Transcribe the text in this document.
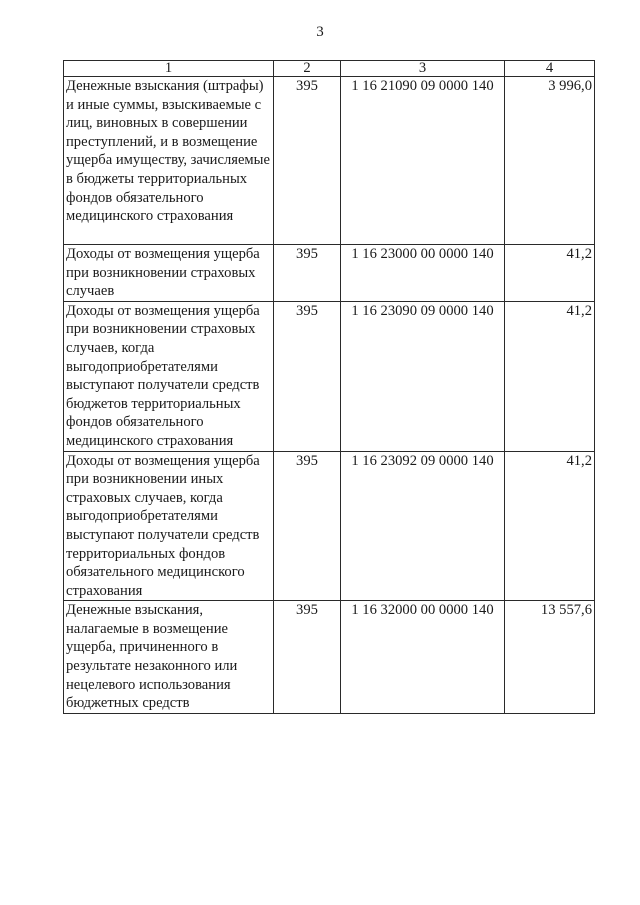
3
1	2	3	4
Денежные взыскания (штрафы) и иные суммы, взыскиваемые с лиц, виновных в совершении преступлений, и в возмещение ущерба имуществу, зачисляемые в бюджеты территориальных фондов обязательного медицинского страхования	395	1 16 21090 09 0000 140	3 996,0
Доходы от возмещения ущерба при возникновении страховых случаев	395	1 16 23000 00 0000 140	41,2
Доходы от возмещения ущерба при возникновении страховых случаев, когда выгодоприобретателями выступают получатели средств бюджетов территориальных фондов обязательного медицинского страхования	395	1 16 23090 09 0000 140	41,2
Доходы от возмещения ущерба при возникновении иных страховых случаев, когда выгодоприобретателями выступают получатели средств территориальных фондов обязательного медицинского страхования	395	1 16 23092 09 0000 140	41,2
Денежные взыскания, налагаемые в возмещение ущерба, причиненного в результате незаконного или нецелевого использования бюджетных средств	395	1 16 32000 00 0000 140	13 557,6
